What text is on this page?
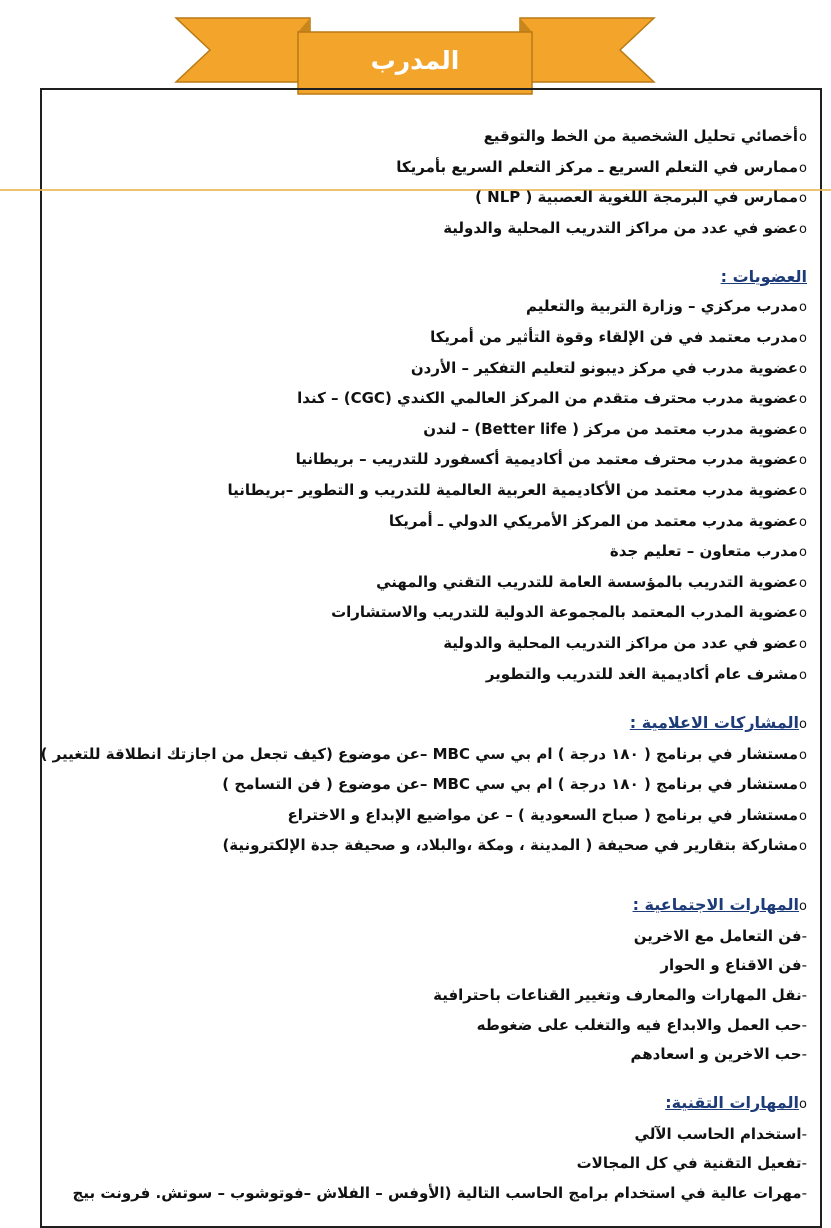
المدرب
oأخصائي تحليل الشخصية من الخط والتوقيع
oممارس في التعلم السريع ـ مركز التعلم السريع بأمريكا
oممارس في البرمجة اللغوية العصبية ( NLP )
oعضو في عدد من مراكز التدريب المحلية والدولية
العضويات :
oمدرب مركزي – وزارة التربية والتعليم
oمدرب معتمد في فن الإلقاء وقوة التأثير من أمريكا
oعضوية مدرب في مركز ديبونو لتعليم التفكير – الأردن
oعضوية مدرب محترف متقدم من المركز العالمي الكندي (CGC) – كندا
oعضوية مدرب معتمد من مركز ( Better life) – لندن
oعضوية مدرب محترف معتمد من أكاديمية أكسفورد للتدريب – بريطانيا
oعضوية مدرب معتمد من الأكاديمية العربية العالمية للتدريب و التطوير –بريطانيا
oعضوية مدرب معتمد من المركز الأمريكي الدولي ـ أمريكا
oمدرب متعاون – تعليم جدة
oعضوية التدريب بالمؤسسة العامة للتدريب التقني والمهني
oعضوية المدرب المعتمد بالمجموعة الدولية للتدريب والاستشارات
oعضو في عدد من مراكز التدريب المحلية والدولية
oمشرف عام أكاديمية الغد للتدريب والتطوير
oالمشاركات الاعلامية :
oمستشار في برنامج ( ١٨٠ درجة ) ام بي سي MBC –عن موضوع (كيف تجعل من اجازتك انطلاقة للتغيير )
oمستشار في برنامج ( ١٨٠ درجة ) ام بي سي MBC –عن موضوع ( فن التسامح )
oمستشار في برنامج ( صباح السعودية ) – عن مواضيع الإبداع و الاختراع
oمشاركة بتقارير في صحيفة ( المدينة ، ومكة ،والبلاد، و صحيفة جدة الإلكترونية)
oالمهارات الاجتماعية :
-فن التعامل مع الاخرين
-فن الاقناع و الحوار
-نقل المهارات والمعارف وتغيير القناعات باحترافية
-حب العمل والابداع فيه والتغلب على ضغوطه
-حب الاخرين و اسعادهم
oالمهارات التقنية:
-استخدام الحاسب الآلي
-تفعيل التقنية في كل المجالات
-مهرات عالية في استخدام برامج الحاسب التالية (الأوفس – الفلاش –فوتوشوب – سوتش. فرونت بيج
